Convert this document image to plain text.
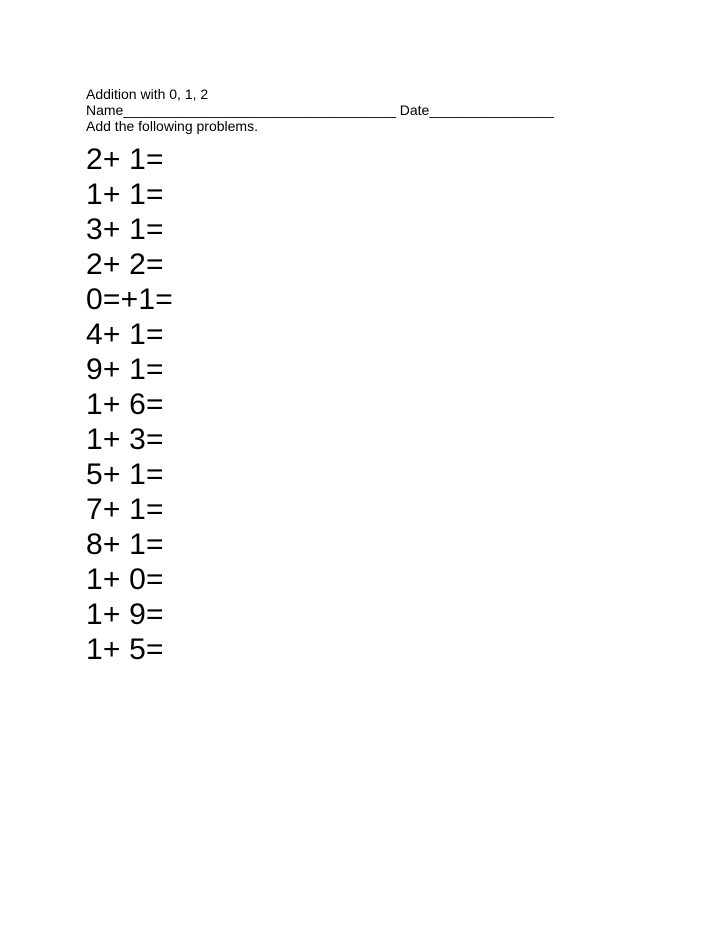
Addition with 0, 1, 2
Name___________________________________ Date________________
Add the following problems.
2+ 1=
1+ 1=
3+ 1=
2+ 2=
0=+1=
4+ 1=
9+ 1=
1+ 6=
1+ 3=
5+ 1=
7+ 1=
8+ 1=
1+ 0=
1+ 9=
1+ 5=
